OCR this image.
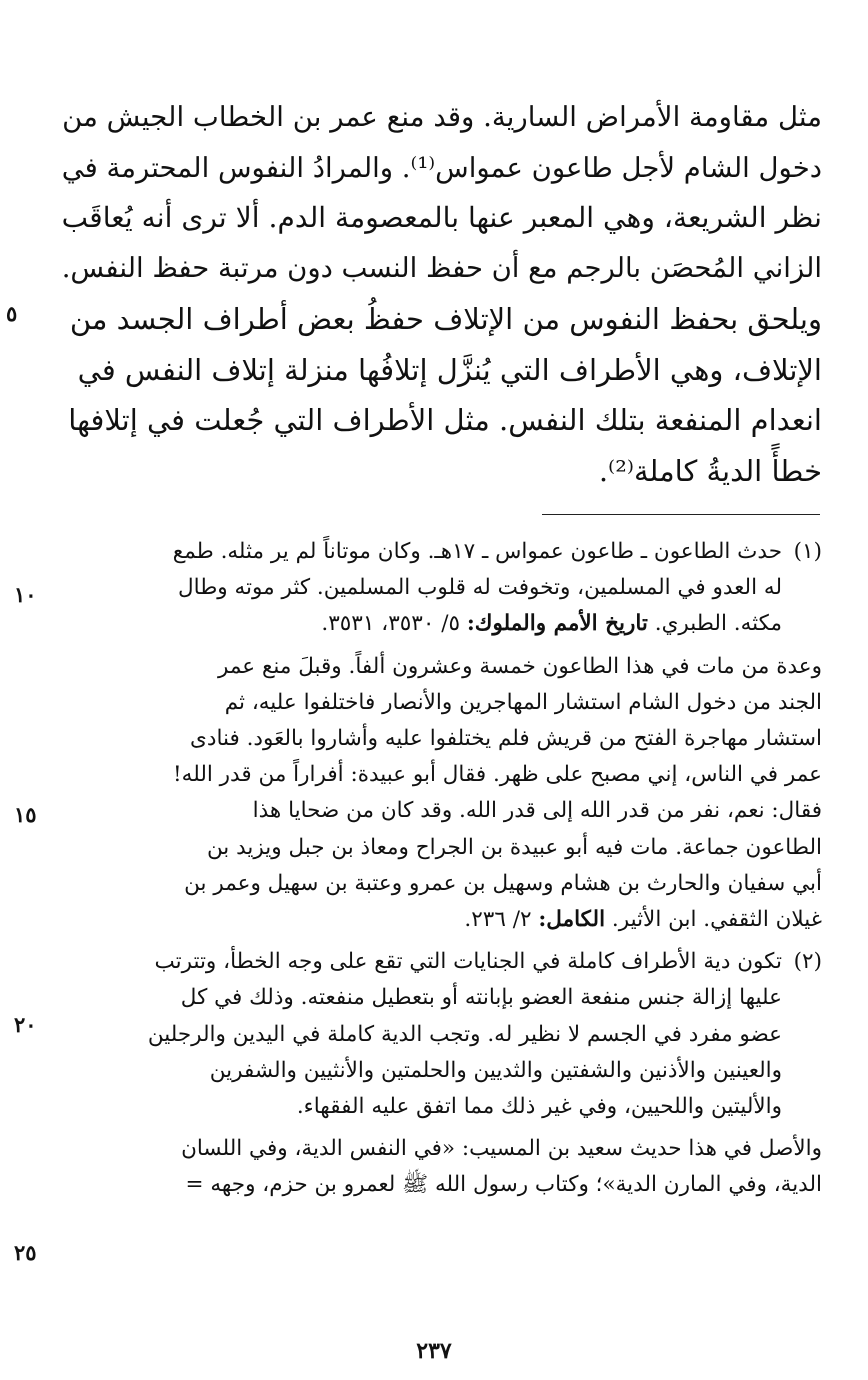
مثل مقاومة الأمراض السارية. وقد منع عمر بن الخطاب الجيش من
دخول الشام لأجل طاعون عمواس⁽¹⁾. والمرادُ النفوس المحترمة في
نظر الشريعة، وهي المعبر عنها بالمعصومة الدم. ألا ترى أنه يُعاقَب
الزاني المُحصَن بالرجم مع أن حفظ النسب دون مرتبة حفظ النفس.
ويلحق بحفظ النفوس من الإتلاف حفظُ بعض أطراف الجسد من
الإتلاف، وهي الأطراف التي يُنزَّل إتلافُها منزلة إتلاف النفس في
انعدام المنفعة بتلك النفس. مثل الأطراف التي جُعلت في إتلافها
خطأً الديةُ كاملة⁽²⁾.

٥
(١)
حدث الطاعون ـ طاعون عمواس ـ ١٧هـ. وكان موتاناً لم ير مثله. طمع
له العدو في المسلمين، وتخوفت له قلوب المسلمين. كثر موته وطال
مكثه. الطبري. تاريخ الأمم والملوك: ٥/ ٣٥٣٠، ٣٥٣١.
وعدة من مات في هذا الطاعون خمسة وعشرون ألفاً. وقبلَ منع عمر
الجند من دخول الشام استشار المهاجرين والأنصار فاختلفوا عليه، ثم
استشار مهاجرة الفتح من قريش فلم يختلفوا عليه وأشاروا بالعَود. فنادى
عمر في الناس، إني مصبح على ظهر. فقال أبو عبيدة: أفراراً من قدر الله!
فقال: نعم، نفر من قدر الله إلى قدر الله. وقد كان من ضحايا هذا
الطاعون جماعة. مات فيه أبو عبيدة بن الجراح ومعاذ بن جبل ويزيد بن
أبي سفيان والحارث بن هشام وسهيل بن عمرو وعتبة بن سهيل وعمر بن
غيلان الثقفي. ابن الأثير. الكامل: ٢/ ٢٣٦.
(٢)
تكون دية الأطراف كاملة في الجنايات التي تقع على وجه الخطأ، وتترتب
عليها إزالة جنس منفعة العضو بإبانته أو بتعطيل منفعته. وذلك في كل
عضو مفرد في الجسم لا نظير له. وتجب الدية كاملة في اليدين والرجلين
والعينين والأذنين والشفتين والثديين والحلمتين والأنثيين والشفرين
والأليتين واللحيين، وفي غير ذلك مما اتفق عليه الفقهاء.
والأصل في هذا حديث سعيد بن المسيب: «في النفس الدية، وفي اللسان
الدية، وفي المارن الدية»؛ وكتاب رسول الله ﷺ لعمرو بن حزم، وجهه =
١٠
١٥
٢٠
٢٥
٢٣٧
